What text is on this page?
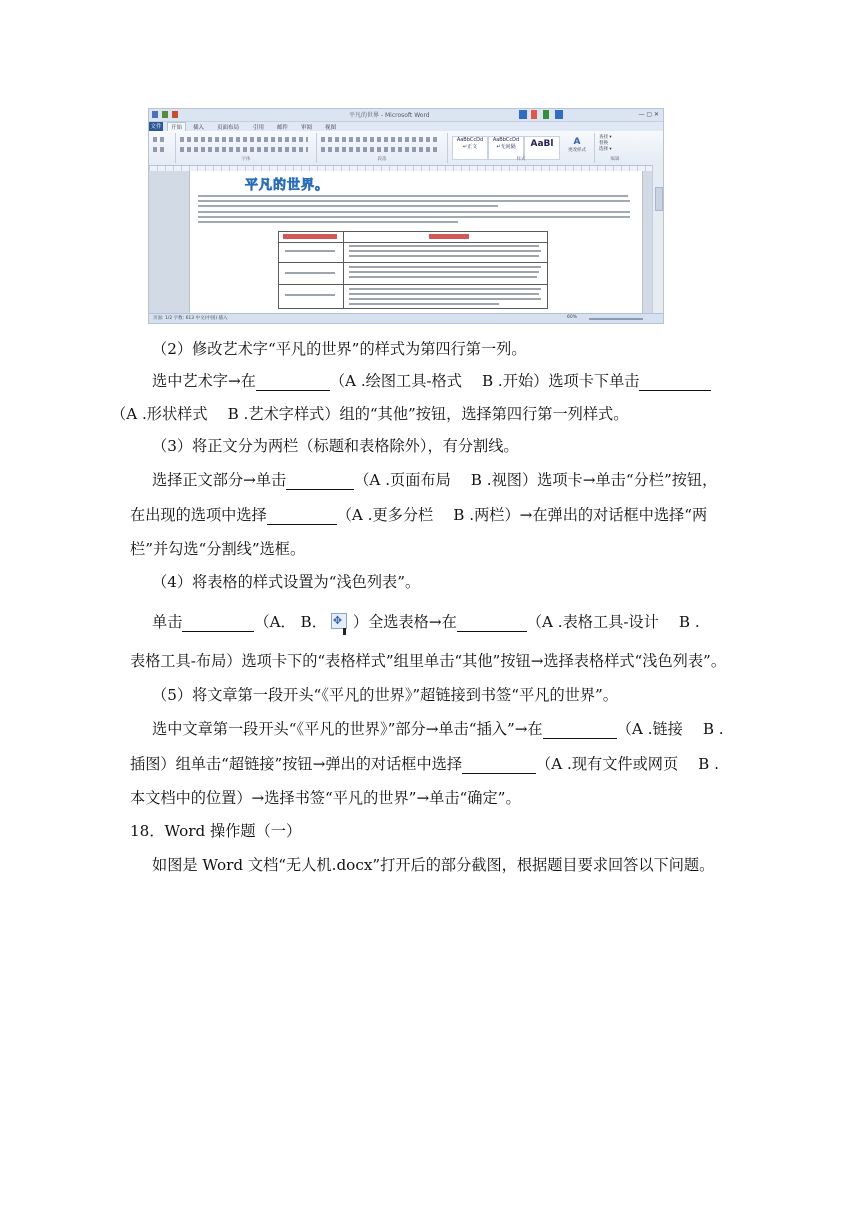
平凡的世界 - Microsoft Word	— ▢ ✕
文件	开始	插入 页面布局	引用 邮件 审阅 视图
字体	段落
AaBbCcDd
↵正文
AaBbCcDd
↵无间隔	AaBl	A
更改样式
样式
查找 ▾
替换
选择 ▾
编辑
平凡的世界。
页面: 1/2 字数: 613 中文(中国) 插入	60%
（2）修改艺术字“平凡的世界”的样式为第四行第一列。
选中艺术字→在	（A .绘图工具-格式 B .开始）选项卡下单击
（A .形状样式 B .艺术字样式）组的“其他”按钮，选择第四行第一列样式。
（3）将正文分为两栏（标题和表格除外），有分割线。
选择正文部分→单击	（A .页面布局 B .视图）选项卡→单击“分栏”按钮，
在出现的选项中选择	（A .更多分栏 B .两栏）→在弹出的对话框中选择“两
栏”并勾选“分割线”选框。
（4）将表格的样式设置为“浅色列表”。
单击	（A． B． ✥ ）全选表格→在	（A .表格工具-设计 B .
表格工具-布局）选项卡下的“表格样式”组里单击“其他”按钮→选择表格样式“浅色列表”。
（5）将文章第一段开头“《平凡的世界》”超链接到书签“平凡的世界”。
选中文章第一段开头“《平凡的世界》”部分→单击“插入”→在	（A .链接 B .
插图）组单击“超链接”按钮→弹出的对话框中选择	（A .现有文件或网页 B .
本文档中的位置）→选择书签“平凡的世界”→单击“确定”。
18．Word 操作题（一）
如图是 Word 文档“无人机.docx”打开后的部分截图，根据题目要求回答以下问题。
